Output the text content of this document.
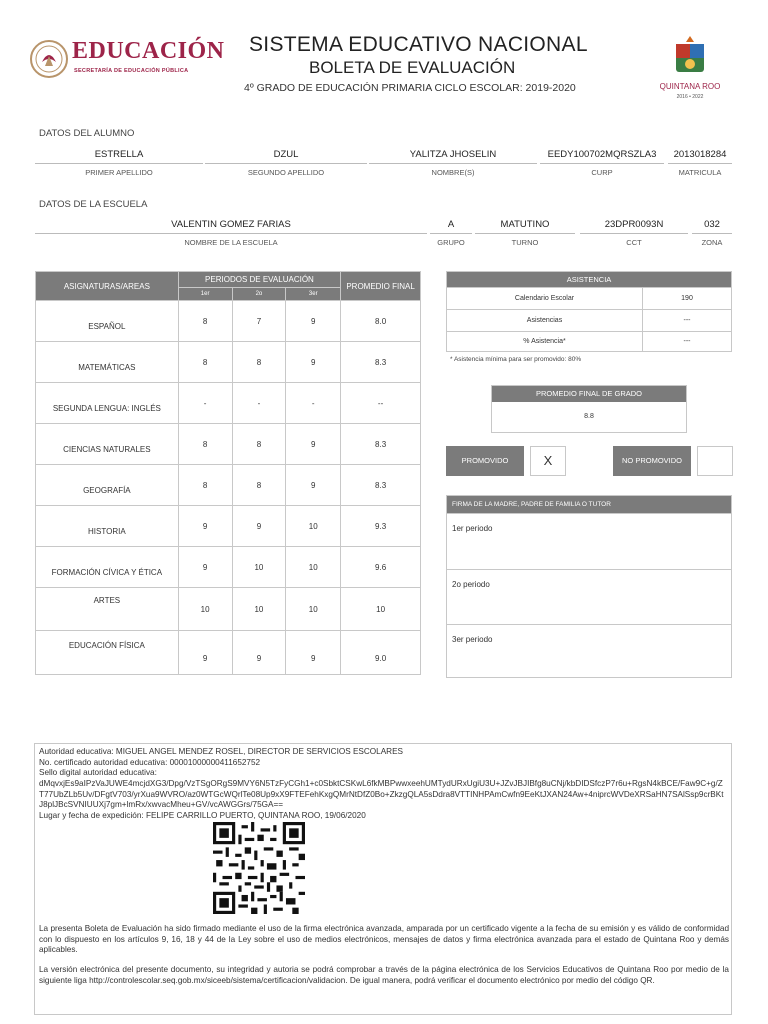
EDUCACIÓN
SECRETARÍA DE EDUCACIÓN PÚBLICA
SISTEMA EDUCATIVO NACIONAL
BOLETA DE EVALUACIÓN
4º GRADO DE EDUCACIÓN PRIMARIA CICLO ESCOLAR: 2019-2020	QUINTANA ROO
2016 • 2022
DATOS DEL ALUMNO
ESTRELLA	DZUL	YALITZA JHOSELIN	EEDY100702MQRSZLA3	2013018284
PRIMER APELLIDO	SEGUNDO APELLIDO	NOMBRE(S)	CURP	MATRICULA
DATOS DE LA ESCUELA
VALENTIN GOMEZ FARIAS	A	MATUTINO	23DPR0093N	032
NOMBRE DE LA ESCUELA	GRUPO	TURNO	CCT	ZONA
ASIGNATURAS/AREAS	PERIODOS DE EVALUACIÓN			PROMEDIO FINAL
	1er	2o	3er	
ESPAÑOL	8	7	9	8.0
MATEMÁTICAS	8	8	9	8.3
SEGUNDA LENGUA: INGLÉS	-	-	-	--
CIENCIAS NATURALES	8	8	9	8.3
GEOGRAFÍA	8	8	9	8.3
HISTORIA	9	9	10	9.3
FORMACIÓN CÍVICA Y ÉTICA	9	10	10	9.6
ARTES	10	10	10	10
EDUCACIÓN FÍSICA	9	9	9	9.0
ASISTENCIA
Calendario Escolar	190
Asistencias	---
% Asistencia*	---
* Asistencia mínima para ser promovido: 80%
PROMEDIO FINAL DE GRADO
8.8
PROMOVIDO	X	NO PROMOVIDO
FIRMA DE LA MADRE, PADRE DE FAMILIA O TUTOR
1er periodo
2o periodo
3er periodo

Autoridad educativa: MIGUEL ANGEL MENDEZ ROSEL, DIRECTOR DE SERVICIOS ESCOLARES

No. certificado autoridad educativa: 00001000000411652752

Sello digital autoridad educativa:

dMqvxjEs9aIPzVaJUWE4mcjdXG3/Dpg/VzTSgORgS9MVY6N5TzFyCGh1+c0SbktCSKwL6fkMBPwwxeehUMTydURxUgiU3U+JZvJBJIBfg8uCNj/kbDIDSfczP7r6u+RgsN4kBCE/Faw9C+g/ZT77UbZLb5Uv/DFgtV703/yrXua9WVRO/az0WTGcWQrlTe08Up9xX9FTEFehKxgQMrNtDfZ0Bo+ZkzgQLA5sDdra8VTTINHPAmCwfn9EeKtJXAN24Aw+4niprcWVDeXRSaHN7SAlSsp9crBKtJ8plJBcSVNIUUXj7gm+lmRx/xwvacMheu+GV/vcAWGGrs/75GA==

Lugar y fecha de expedición: FELIPE CARRILLO PUERTO, QUINTANA ROO, 19/06/2020

La presenta Boleta de Evaluación ha sido firmado mediante el uso de la firma electrónica avanzada, amparada por un certificado vigente a la fecha de su emisión y es válido de conformidad con lo dispuesto en los artículos 9, 16, 18 y 44 de la Ley sobre el uso de medios electrónicos, mensajes de datos y firma electrónica avanzada para el estado de Quintana Roo y demás aplicables.

La versión electrónica del presente documento, su integridad y autoria se podrá comprobar a través de la página electrónica de los Servicios Educativos de Quintana Roo por medio de la siguiente liga http://controlescolar.seq.gob.mx/siceeb/sistema/certificacion/validacion. De igual manera, podrá verificar el documento electrónico por medio del código QR.
